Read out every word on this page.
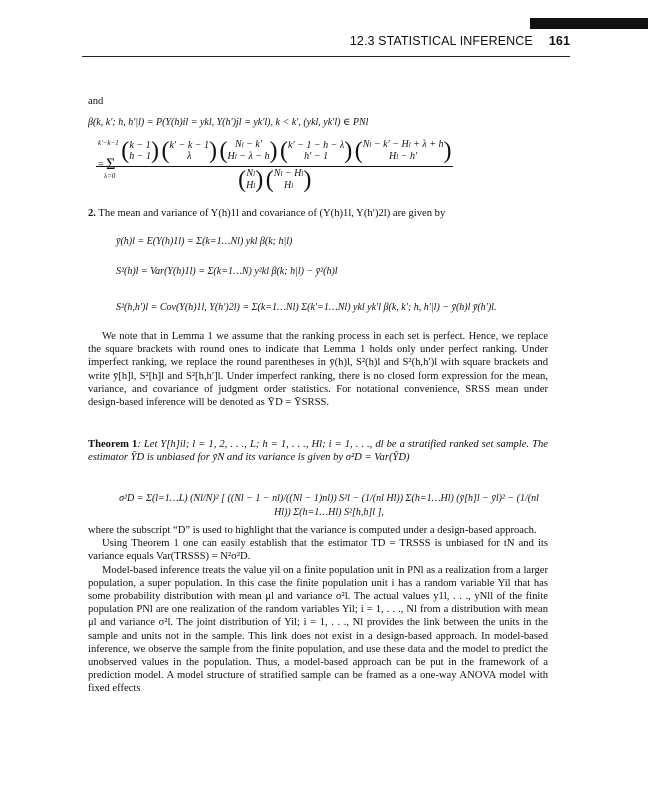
12.3 STATISTICAL INFERENCE 161

and

β(k, k′; h, h′|l) = P(Y(h)il = ykl, Y(h′)jl = yk′l), k < k′, (ykl, yk′l) ∈ PNl

$^{k'-k-1}$ (k − 1
h − 1) (k′ − k − 1
λ ) ( Nl − k′
Hl − λ − h) (k′ − 1 − h − λ
h′ − 1 ) (Nl − k′ − Hl + λ + h
Hl − h′ )
(Nl
Hl) (Nl − Hl
Hl )
= Σ
λ=0

2. The mean and variance of Y(h)1l and covariance of (Y(h)1l, Y(h′)2l) are given by

ȳ(h)l = E(Y(h)1l) = Σ(k=1…Nl) ykl β(k; h|l)

S²(h)l = Var(Y(h)1l) = Σ(k=1…N) y²kl β(k; h|l) − ȳ²(h)l

S²(h,h′)l = Cov(Y(h)1l, Y(h′)2l) = Σ(k=1…Nl) Σ(k′=1…Nl) ykl yk′l β(k, k′; h, h′|l) − ȳ(h)l ȳ(h′)l.

We note that in Lemma 1 we assume that the ranking process in each set is perfect. Hence, we replace the square brackets with round ones to indicate that Lemma 1 holds only under perfect ranking. Under imperfect ranking, we replace the round parentheses in ȳ(h)l, S²(h)l and S²(h,h′)l with square brackets and write ȳ[h]l, S²[h]l and S²[h,h′]l. Under imperfect ranking, there is no closed form expression for the mean, variance, and covariance of judgment order statistics. For notational convenience, SRSS mean under design-based inference will be denoted as ȲD = ȲSRSS.

Theorem 1: Let Y[h]il; l = 1, 2, . . ., L; h = 1, . . ., Hl; i = 1, . . ., dl be a stratified ranked set sample. The estimator ȲD is unbiased for ȳN and its variance is given by σ²D = Var(ȲD)

σ²D = Σ(l=1…L) (Nl/N)² [ ((Nl − 1 − nl)/((Nl − 1)nl)) S²l − (1/(nl Hl)) Σ(h=1…Hl) (ȳ[h]l − ȳl)² − (1/(nl Hl)) Σ(h=1…Hl) S²[h,h]l ],

where the subscript “D” is used to highlight that the variance is computed under a design-based approach.

Using Theorem 1 one can easily establish that the estimator TD = TRSSS is unbiased for tN and its variance equals Var(TRSSS) = N²σ²D.

Model-based inference treats the value yil on a finite population unit in PNl as a realization from a larger population, a super population. In this case the finite population unit i has a random variable Yil that has some probability distribution with mean μl and variance σ²l. The actual values y1l, . . ., yNll of the finite population PNl are one realization of the random variables Yil; i = 1, . . ., Nl from a distribution with mean μl and variance σ²l. The joint distribution of Yil; i = 1, . . ., Nl provides the link between the units in the sample and units not in the sample. This link does not exist in a design-based approach. In model-based inference, we observe the sample from the finite population, and use these data and the model to predict the unobserved values in the population. Thus, a model-based approach can be put in the framework of a prediction model. A model structure of stratified sample can be framed as a one-way ANOVA model with fixed effects
